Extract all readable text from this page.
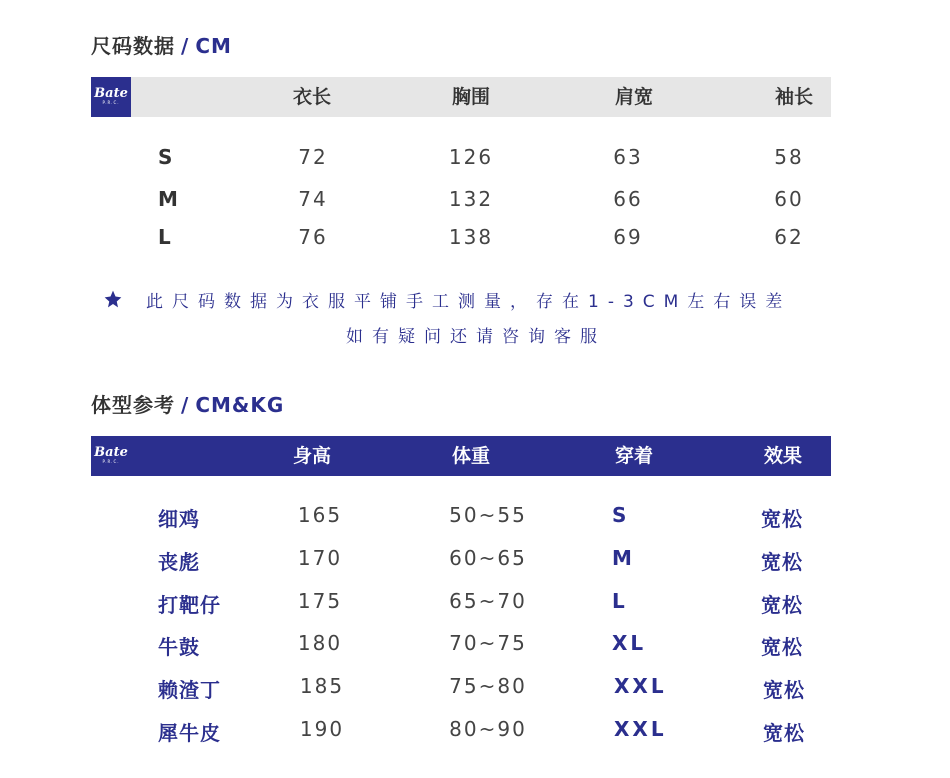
尺码数据 / CM
Bate
P.R.C.	衣长	胸围	肩宽	袖长
S	72	126	63	58
M	74	132	66	60
L	76	138	69	62
此尺码数据为衣服平铺手工测量，存在1-3CM左右误差
如有疑问还请咨询客服
体型参考 / CM&KG
Bate
P.R.C.	身高	体重	穿着	效果
细鸡	165	50~55	S	宽松
丧彪	170	60~65	M	宽松
打靶仔	175	65~70	L	宽松
牛鼓	180	70~75	XL	宽松
赖渣丁	185	75~80	XXL	宽松
犀牛皮	190	80~90	XXL	宽松
